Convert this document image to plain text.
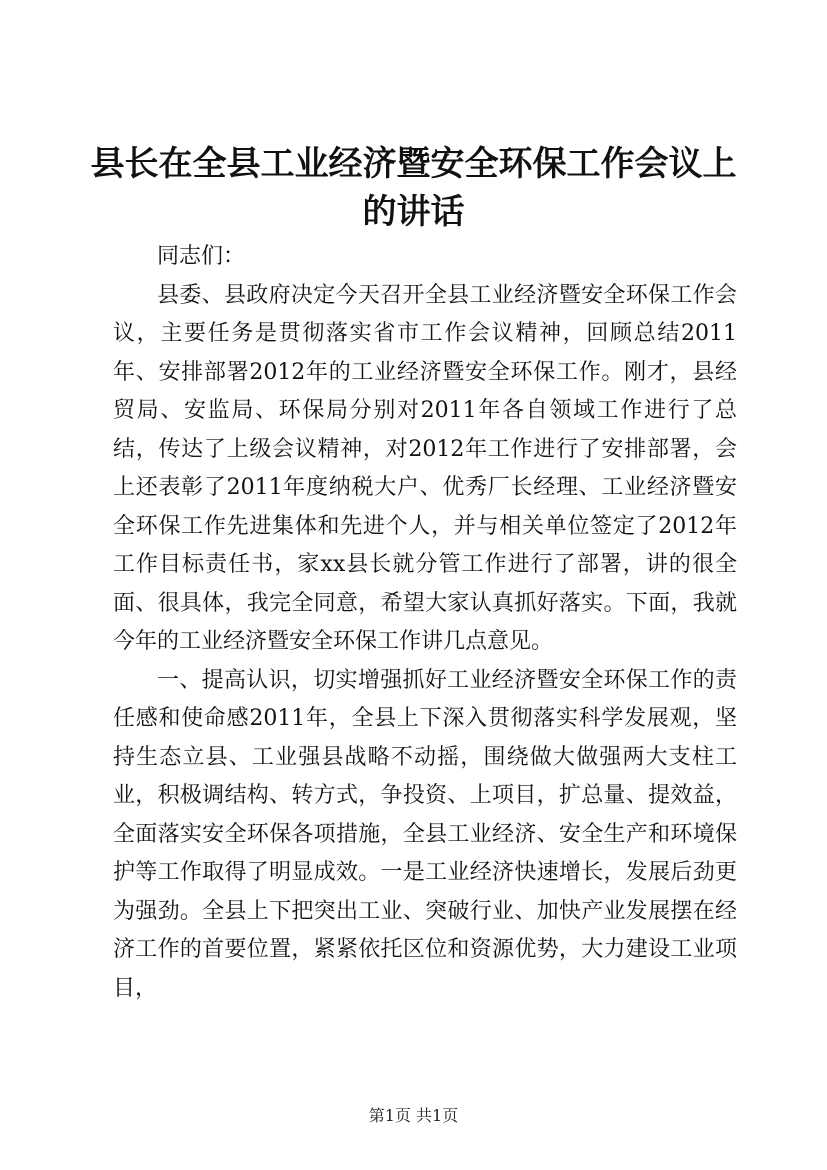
县长在全县工业经济暨安全环保工作会议上的讲话

同志们：

县委、县政府决定今天召开全县工业经济暨安全环保工作会议，主要任务是贯彻落实省市工作会议精神，回顾总结2011年、安排部署2012年的工业经济暨安全环保工作。刚才，县经贸局、安监局、环保局分别对2011年各自领域工作进行了总结，传达了上级会议精神，对2012年工作进行了安排部署，会上还表彰了2011年度纳税大户、优秀厂长经理、工业经济暨安全环保工作先进集体和先进个人，并与相关单位签定了2012年工作目标责任书，家xx县长就分管工作进行了部署，讲的很全面、很具体，我完全同意，希望大家认真抓好落实。下面，我就今年的工业经济暨安全环保工作讲几点意见。

一、提高认识，切实增强抓好工业经济暨安全环保工作的责任感和使命感2011年，全县上下深入贯彻落实科学发展观，坚持生态立县、工业强县战略不动摇，围绕做大做强两大支柱工业，积极调结构、转方式，争投资、上项目，扩总量、提效益，全面落实安全环保各项措施，全县工业经济、安全生产和环境保护等工作取得了明显成效。一是工业经济快速增长，发展后劲更为强劲。全县上下把突出工业、突破行业、加快产业发展摆在经济工作的首要位置，紧紧依托区位和资源优势，大力建设工业项目，

第1页 共1页
